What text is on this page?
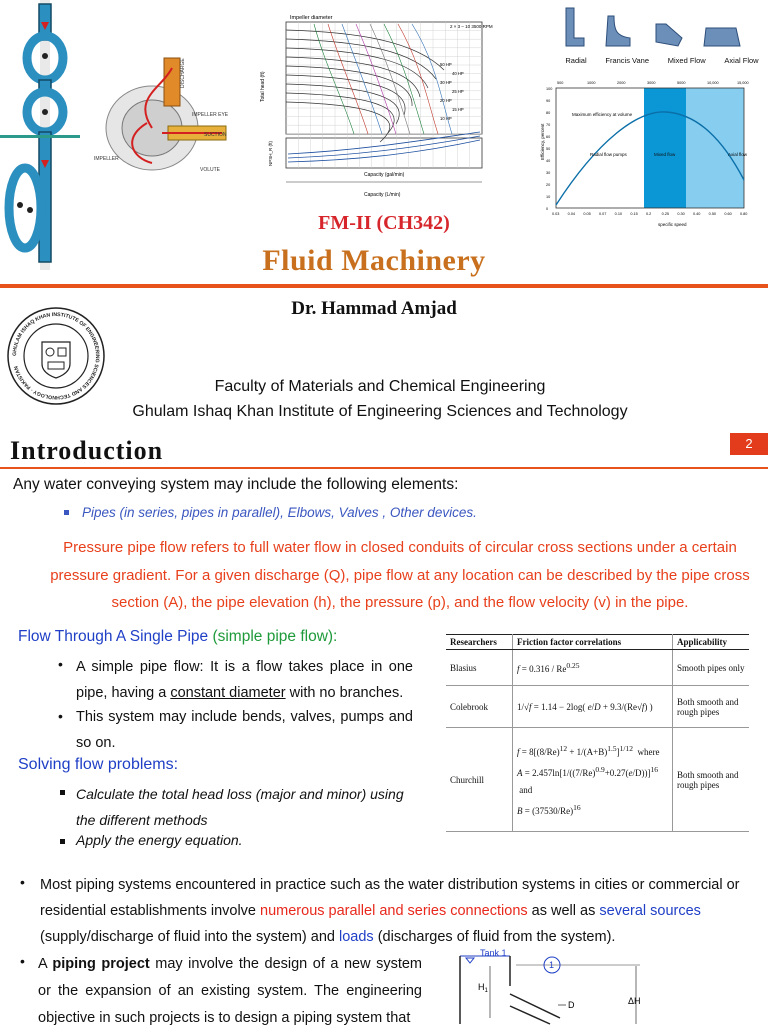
IMPELLER EYE
DISCHARGE
SUCTION
IMPELLER
VOLUTE
Impeller diameter
2 × 3 – 10 3500 RPM
Total head (ft)
NPSH_R (ft)
Capacity (gal/min)
Capacity (L/min)
10 HP
15 HP
20 HP
25 HP
30 HP
40 HP
50 HP	Radial Francis Vane Mixed Flow Axial Flow
0.03 0.04 0.05 0.07 0.10 0.15 0.2	0.25 0.30 0.40 0.50 0.60 0.80
500	1000	2000	3000	5000	10,000	15,000
100
90
80
70
60
50
40
30
20
10
0
Efficiency, percent
Maximum efficiency at volume
Radial flow pumps	Mixed flow	Axial flow
specific speed
FM-II (CH342)
Fluid Machinery
Dr. Hammad Amjad
GHULAM ISHAQ KHAN INSTITUTE OF ENGINEERING SCIENCES AND TECHNOLOGY · PAKISTAN
Faculty of Materials and Chemical Engineering
Ghulam Ishaq Khan Institute of Engineering Sciences and Technology
Introduction	2
Any water conveying system may include the following elements:
Pipes (in series, pipes in parallel), Elbows, Valves , Other devices.
Pressure pipe flow refers to full water flow in closed conduits of circular cross sections under a certain pressure gradient. For a given discharge (Q), pipe flow at any location can be described by the pipe cross section (A), the pipe elevation (h), the pressure (p), and the flow velocity (v) in the pipe.
Flow Through A Single Pipe (simple pipe flow):
• A simple pipe flow: It is a flow takes place in one pipe, having a constant diameter with no branches.
• This system may include bends, valves, pumps and so on.
Solving flow problems:
Calculate the total head loss (major and minor) using the different methods
Apply the energy equation.
Researchers	Friction factor correlations	Applicability
Blasius	$f = 0.316 / Re^{0.25}$	Smooth pipes only
Colebrook	1/√f = 1.14 − 2log( e/D + 9.3/(Re√f) )	Both smooth and rough pipes
Churchill	$f = 8[(8/Re)^{12} + 1/(A+B)^{1.5}]^{1/12}$ where
$A = 2.457\ln[1/((7/Re)^{0.9}+0.27(e/D))]^{16}$  and
$B = (37530/Re)^{16}$	Both smooth and rough pipes
• Most piping systems encountered in practice such as the water distribution systems in cities or commercial or residential establishments involve numerous parallel and series connections as well as several sources (supply/discharge of fluid into the system) and loads (discharges of fluid from the system).
• A piping project may involve the design of a new system or the expansion of an existing system. The engineering objective in such projects is to design a piping system that
Tank 1
1
$H_1$
D	ΔH
